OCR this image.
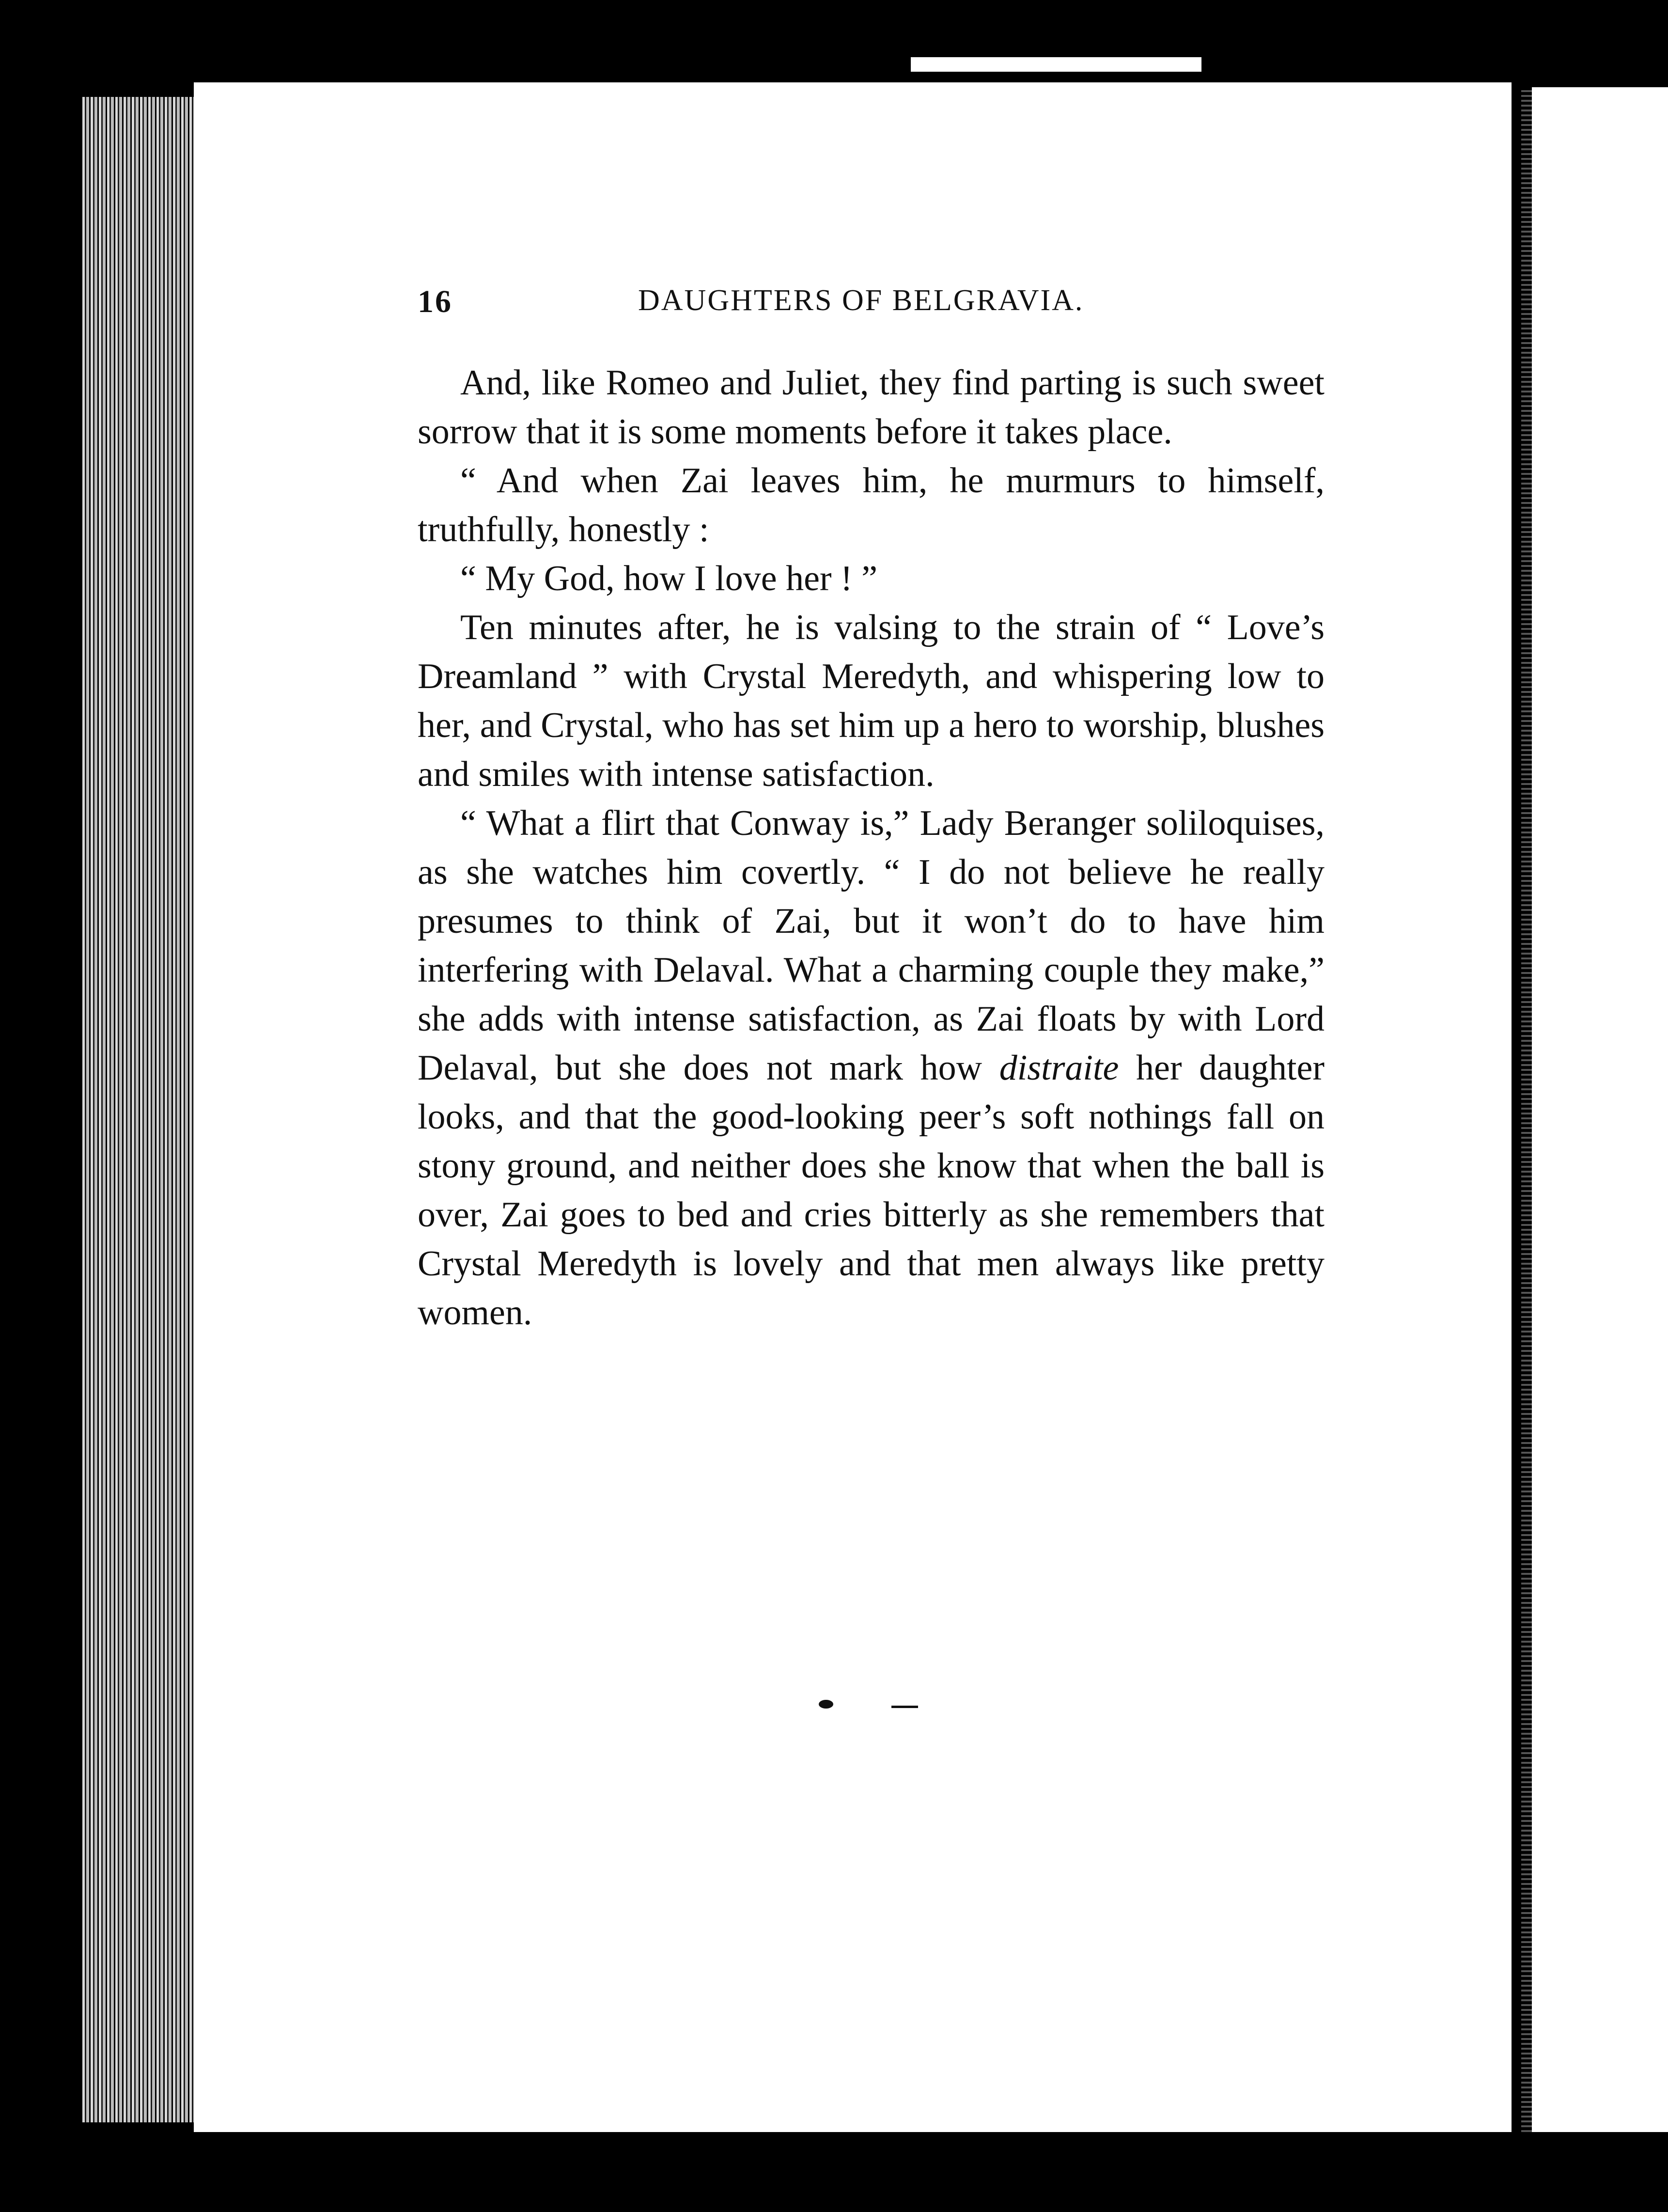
16	DAUGHTERS OF BELGRAVIA.

And, like Romeo and Juliet, they find parting is such sweet sorrow that it is some moments before it takes place.

“ And when Zai leaves him, he murmurs to himself, truthfully, honestly :

“ My God, how I love her ! ”

Ten minutes after, he is valsing to the strain of “ Love’s Dreamland ” with Crystal Meredyth, and whispering low to her, and Crystal, who has set him up a hero to worship, blushes and smiles with intense satisfaction.

“ What a flirt that Conway is,” Lady Beranger soliloquises, as she watches him covertly. “ I do not believe he really presumes to think of Zai, but it won’t do to have him interfering with Delaval. What a charming couple they make,” she adds with intense satisfaction, as Zai floats by with Lord Delaval, but she does not mark how distraite her daughter looks, and that the good-looking peer’s soft nothings fall on stony ground, and neither does she know that when the ball is over, Zai goes to bed and cries bitterly as she remembers that Crystal Meredyth is lovely and that men always like pretty women.
